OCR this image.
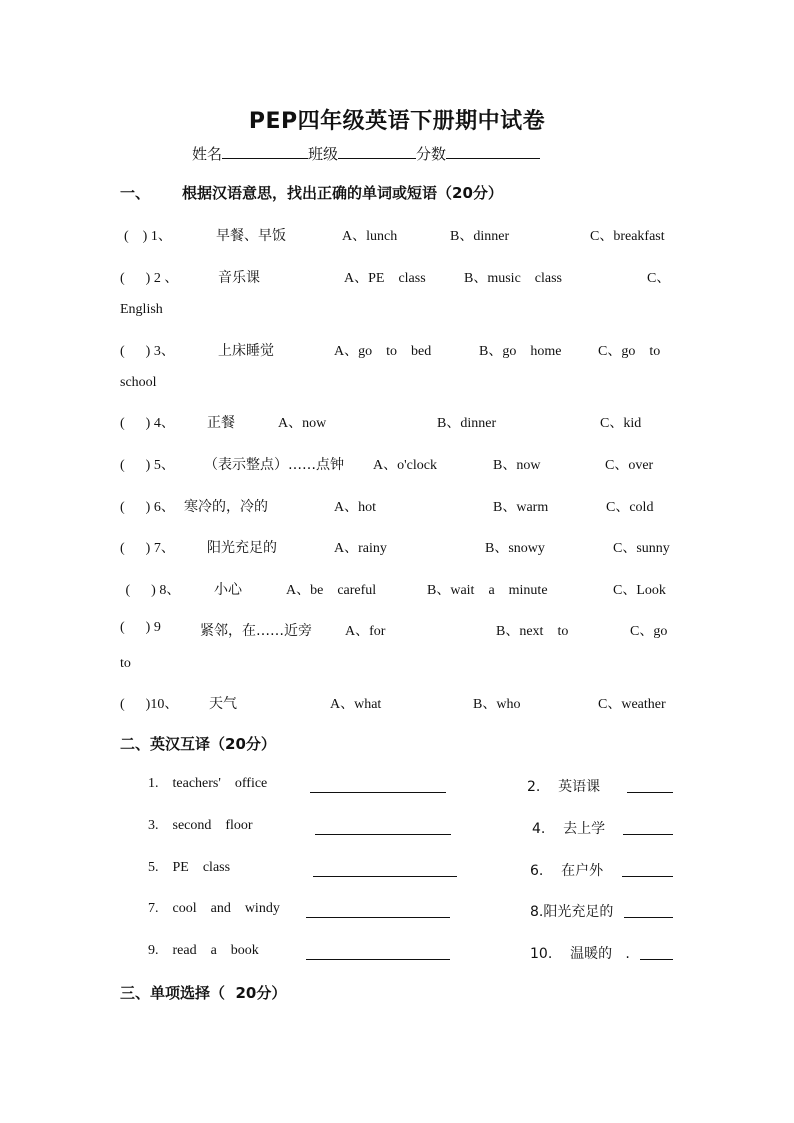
PEP四年级英语下册期中试卷
姓名	班级	分数
一、 根据汉语意思，找出正确的单词或短语（20分）
(    ) 1、	早餐、早饭	A、lunch	B、dinner	C、breakfast
(      ) 2 、	音乐课	A、PE    class	B、music    class	C、
English
(      ) 3、	上床睡觉	A、go    to    bed	B、go    home	C、go    to
school
(      ) 4、 正餐	A、now	B、dinner	C、kid
(      ) 5、 （表示整点）……点钟 A、o'clock	B、now	C、over
(      ) 6、 寒冷的，冷的	A、hot	B、warm	C、cold
(      ) 7、 阳光充足的	A、rainy	B、snowy	C、sunny
(      ) 8、 小心	A、be    careful	B、wait    a    minute	C、Look
(      ) 9	紧邻，在……近旁 A、for	B、next    to	C、go
to
(      )10、 天气	A、what	B、who	C、weather
二、英汉互译（20分）
1.    teachers'    office	2.    英语课
3.    second    floor	4.    去上学
5.    PE    class	6.    在户外
7.    cool    and    windy	8.阳光充足的
9.    read    a    book	10.    温暖的   .
三、单项选择（  20分）
